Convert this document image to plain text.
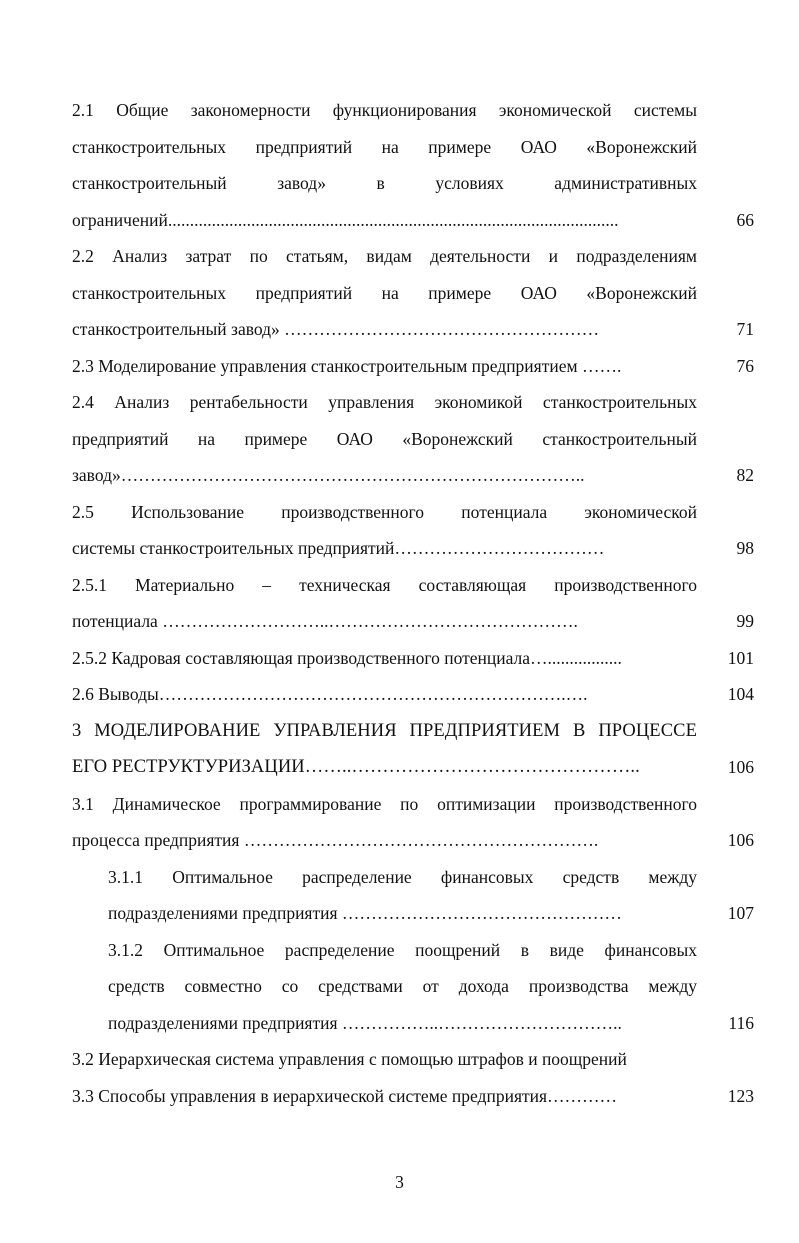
2.1 Общие закономерности функционирования экономической системы
станкостроительных предприятий на примере ОАО «Воронежский
станкостроительный завод» в условиях административных
ограничений.......................................................................................................	66
2.2 Анализ затрат по статьям, видам деятельности и подразделениям
станкостроительных предприятий на примере ОАО «Воронежский
станкостроительный завод» ………………………………………………	71
2.3 Моделирование управления станкостроительным предприятием …….	76
2.4 Анализ рентабельности управления экономикой станкостроительных
предприятий на примере ОАО «Воронежский станкостроительный
завод»……………………………………………………………………..	82
2.5 Использование производственного потенциала экономической
системы станкостроительных предприятий………………………………	98
2.5.1 Материально – техническая составляющая производственного
потенциала ………………………..…………………………………….	99
2.5.2 Кадровая составляющая производственного потенциала….................	101
2.6 Выводы…………………………………………………………….….	104
3 МОДЕЛИРОВАНИЕ УПРАВЛЕНИЯ ПРЕДПРИЯТИЕМ В ПРОЦЕССЕ
ЕГО РЕСТРУКТУРИЗАЦИИ……..………………………………………..	106
3.1 Динамическое программирование по оптимизации производственного
процесса предприятия …………………………………………………….	106
3.1.1 Оптимальное распределение финансовых средств между
подразделениями предприятия …………………………………………	107
3.1.2 Оптимальное распределение поощрений в виде финансовых
средств совместно со средствами от дохода производства между
подразделениями предприятия ……………..…………………………..	116
3.2 Иерархическая система управления с помощью штрафов и поощрений
3.3 Способы управления в иерархической системе предприятия…………	123
3
